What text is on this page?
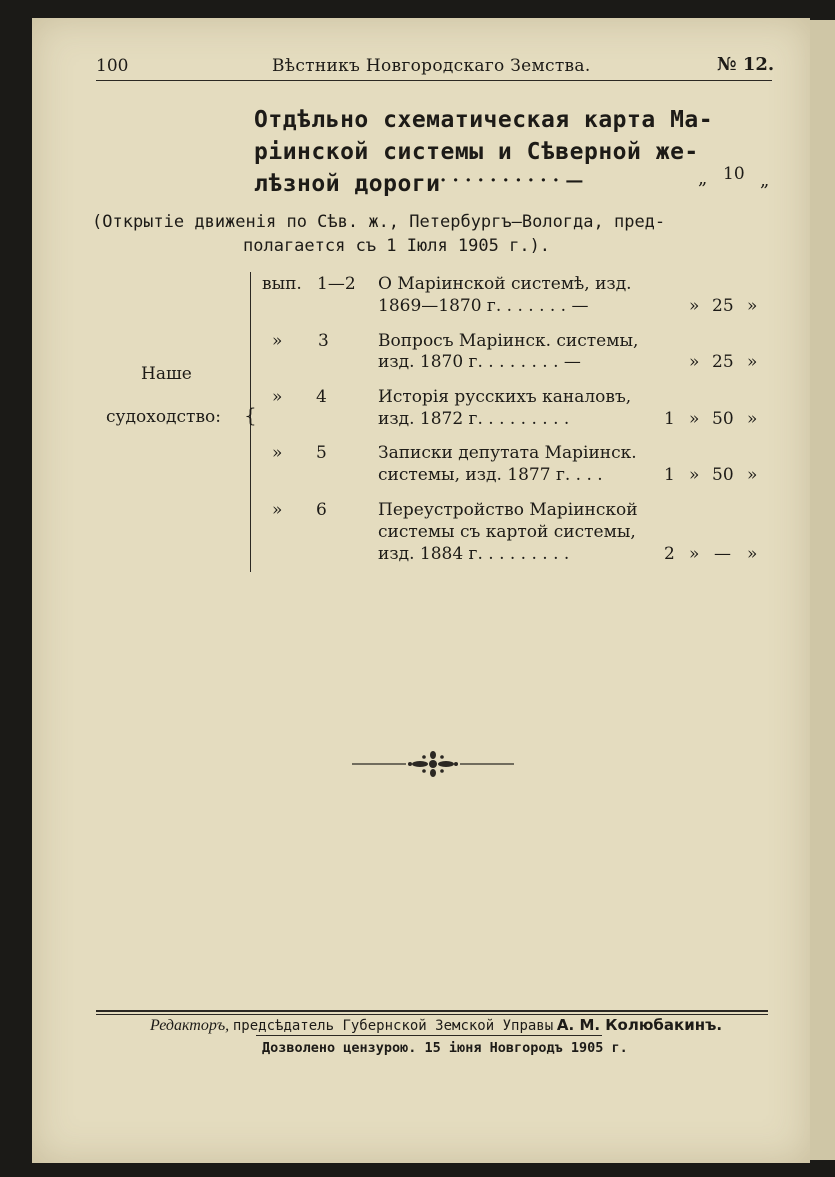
100	Вѣстникъ Новгородскаго Земства.	№ 12.
Отдѣльно схематическая карта Ма-
ріинской системы и Сѣверной же-
лѣзной дороги · · · · · · · · · · —	„ 10 „
(Открытіе движенія по Сѣв. ж., Петербургъ—Вологда, пред-
полагается съ 1 Іюля 1905 г.).
Наше
судоходство: {
вып. 1—2 О Маріинской системѣ, изд.
1869—1870 г. . . . . . . —	» 25 »
» 3	Вопросъ Маріинск. системы,
изд. 1870 г. . . . . . . . —	» 25 »
» 4	Исторія русскихъ каналовъ,
изд. 1872 г. . . . . . . . .	1 » 50 »
» 5	Записки депутата Маріинск.
системы, изд. 1877 г. . . .	1 » 50 »
» 6	Переустройство Маріинской
системы съ картой системы,
изд. 1884 г. . . . . . . . .	2 » — »
Редакторъ, предсѣдатель Губернской Земской Управы А. М. Колюбакинъ.
Дозволено цензурою. 15 іюня Новгородъ 1905 г.
